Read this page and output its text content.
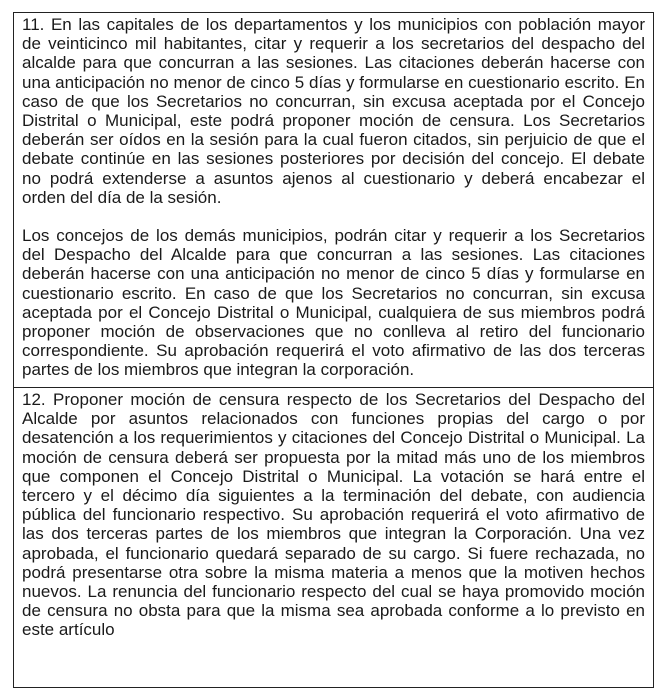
11. En las capitales de los departamentos y los municipios con población mayor de veinticinco mil habitantes, citar y requerir a los secretarios del despacho del alcalde para que concurran a las sesiones. Las citaciones deberán hacerse con una anticipación no menor de cinco 5 días y formularse en cuestionario escrito. En caso de que los Secretarios no concurran, sin excusa aceptada por el Concejo Distrital o Municipal, este podrá proponer moción de censura. Los Secretarios deberán ser oídos en la sesión para la cual fueron citados, sin perjuicio de que el debate continúe en las sesiones posteriores por decisión del concejo. El debate no podrá extenderse a asuntos ajenos al cuestionario y deberá encabezar el orden del día de la sesión.

Los concejos de los demás municipios, podrán citar y requerir a los Secretarios del Despacho del Alcalde para que concurran a las sesiones. Las citaciones deberán hacerse con una anticipación no menor de cinco 5 días y formularse en cuestionario escrito. En caso de que los Secretarios no concurran, sin excusa aceptada por el Concejo Distrital o Municipal, cualquiera de sus miembros podrá proponer moción de observaciones que no conlleva al retiro del funcionario correspondiente. Su aprobación requerirá el voto afirmativo de las dos terceras partes de los miembros que integran la corporación.

12. Proponer moción de censura respecto de los Secretarios del Despacho del Alcalde por asuntos relacionados con funciones propias del cargo o por desatención a los requerimientos y citaciones del Concejo Distrital o Municipal. La moción de censura deberá ser propuesta por la mitad más uno de los miembros que componen el Concejo Distrital o Municipal. La votación se hará entre el tercero y el décimo día siguientes a la terminación del debate, con audiencia pública del funcionario respectivo. Su aprobación requerirá el voto afirmativo de las dos terceras partes de los miembros que integran la Corporación. Una vez aprobada, el funcionario quedará separado de su cargo. Si fuere rechazada, no podrá presentarse otra sobre la misma materia a menos que la motiven hechos nuevos. La renuncia del funcionario respecto del cual se haya promovido moción de censura no obsta para que la misma sea aprobada conforme a lo previsto en este artículo
